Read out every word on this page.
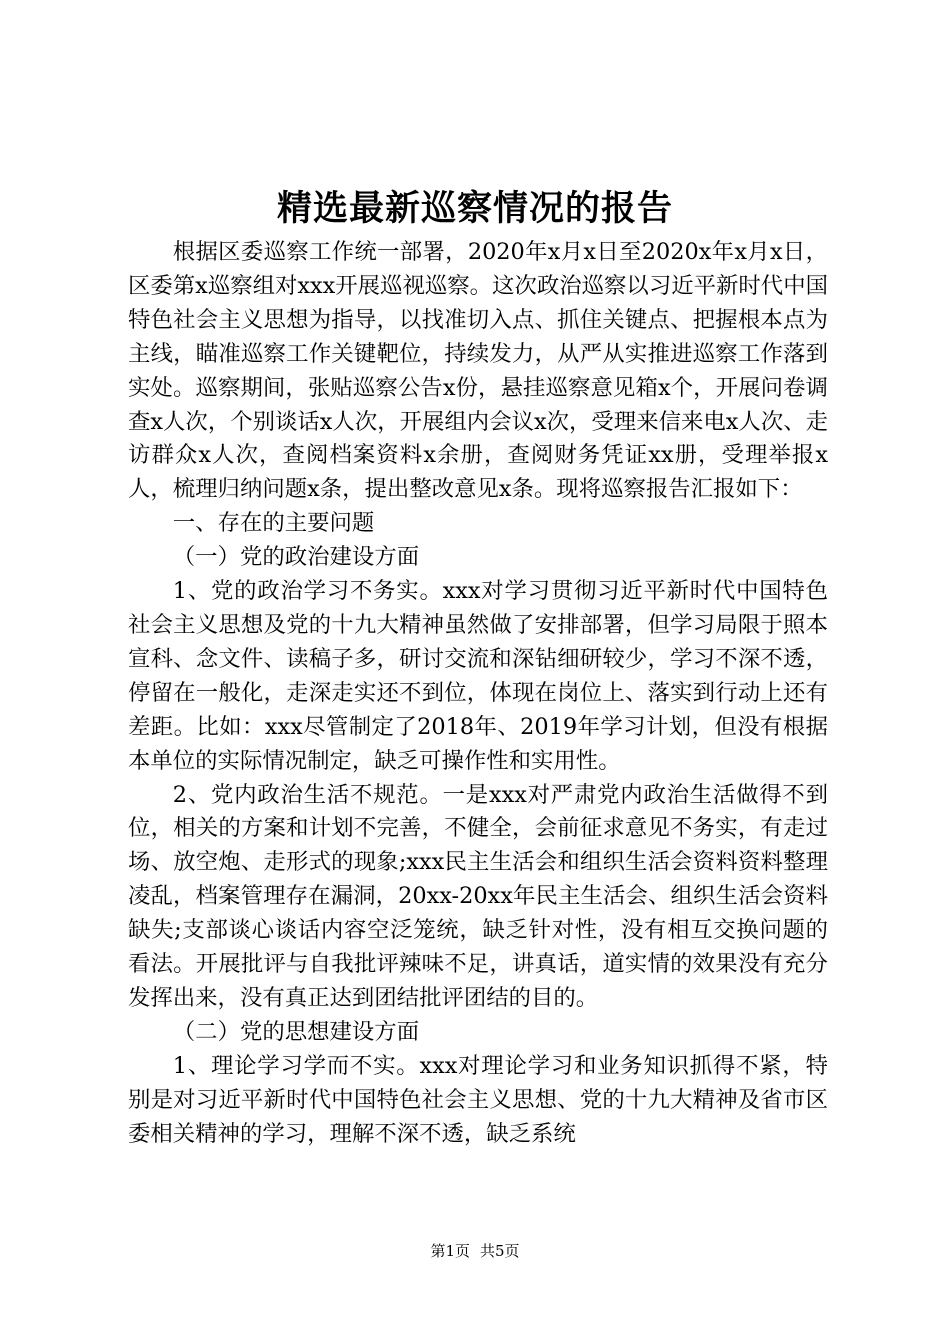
精选最新巡察情况的报告

根据区委巡察工作统一部署，2020年x月x日至2020x年x月x日，区委第x巡察组对xxx开展巡视巡察。这次政治巡察以习近平新时代中国特色社会主义思想为指导，以找准切入点、抓住关键点、把握根本点为主线，瞄准巡察工作关键靶位，持续发力，从严从实推进巡察工作落到实处。巡察期间，张贴巡察公告x份，悬挂巡察意见箱x个，开展问卷调查x人次，个别谈话x人次，开展组内会议x次，受理来信来电x人次、走访群众x人次，查阅档案资料x余册，查阅财务凭证xx册，受理举报x人，梳理归纳问题x条，提出整改意见x条。现将巡察报告汇报如下：

一、存在的主要问题

（一）党的政治建设方面

1、党的政治学习不务实。xxx对学习贯彻习近平新时代中国特色社会主义思想及党的十九大精神虽然做了安排部署，但学习局限于照本宣科、念文件、读稿子多，研讨交流和深钻细研较少，学习不深不透，停留在一般化，走深走实还不到位，体现在岗位上、落实到行动上还有差距。比如：xxx尽管制定了2018年、2019年学习计划，但没有根据本单位的实际情况制定，缺乏可操作性和实用性。

2、党内政治生活不规范。一是xxx对严肃党内政治生活做得不到位，相关的方案和计划不完善，不健全，会前征求意见不务实，有走过场、放空炮、走形式的现象;xxx民主生活会和组织生活会资料资料整理凌乱，档案管理存在漏洞，20xx-20xx年民主生活会、组织生活会资料缺失;支部谈心谈话内容空泛笼统，缺乏针对性，没有相互交换问题的看法。开展批评与自我批评辣味不足，讲真话，道实情的效果没有充分发挥出来，没有真正达到团结批评团结的目的。

（二）党的思想建设方面

1、理论学习学而不实。xxx对理论学习和业务知识抓得不紧，特别是对习近平新时代中国特色社会主义思想、党的十九大精神及省市区委相关精神的学习，理解不深不透，缺乏系统

第1页 共5页
